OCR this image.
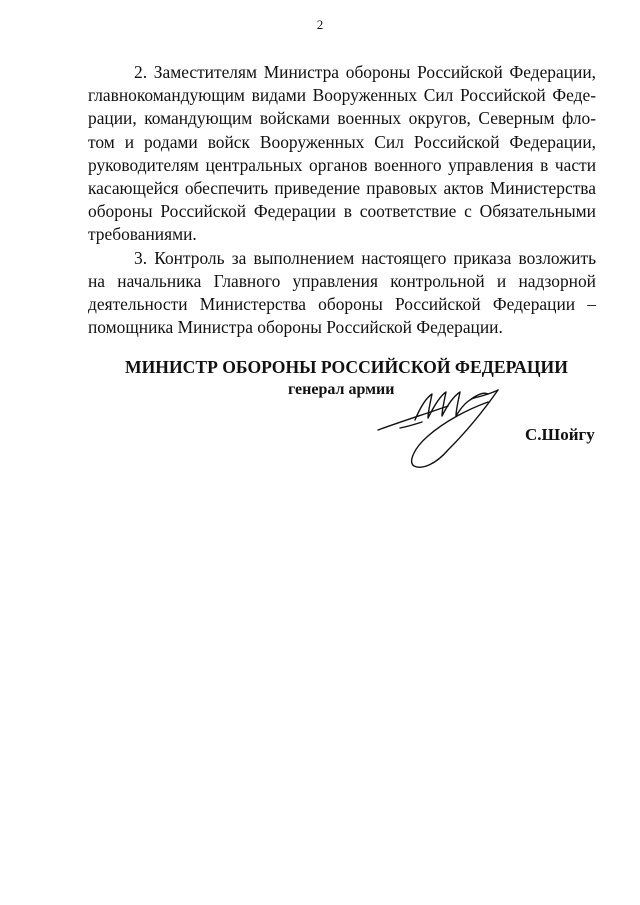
2
2. Заместителям Министра обороны Российской Федерации,
главнокомандующим видами Вооруженных Сил Российской Феде-
рации, командующим войсками военных округов, Северным фло-
том и родами войск Вооруженных Сил Российской Федерации,
руководителям центральных органов военного управления в части
касающейся обеспечить приведение правовых актов Министерства
обороны Российской Федерации в соответствие с Обязательными
требованиями.
3. Контроль за выполнением настоящего приказа возложить
на начальника Главного управления контрольной и надзорной
деятельности Министерства обороны Российской Федерации –
помощника Министра обороны Российской Федерации.
МИНИСТР ОБОРОНЫ РОССИЙСКОЙ ФЕДЕРАЦИИ
генерал армии
С.Шойгу
